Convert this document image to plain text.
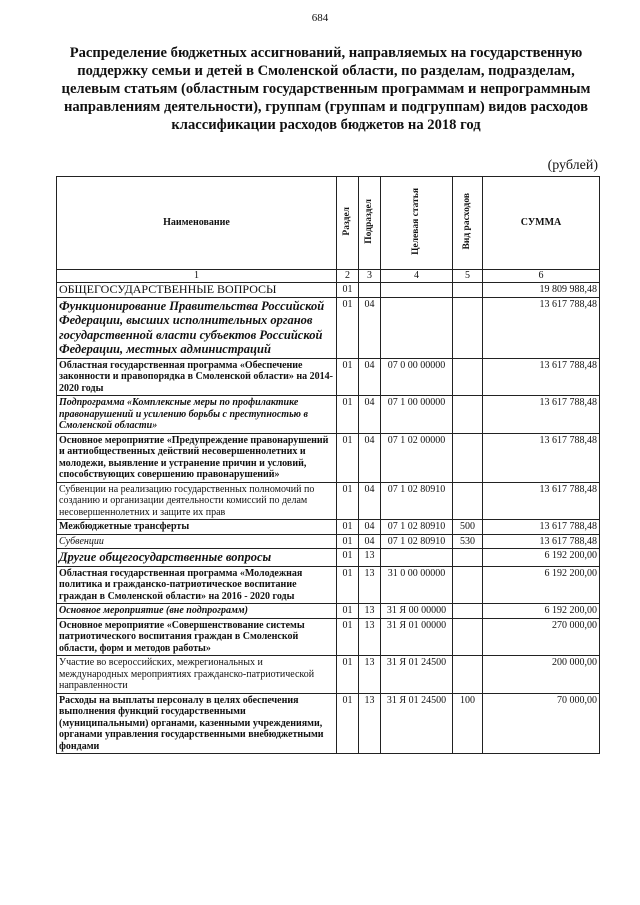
684
Распределение бюджетных ассигнований, направляемых на государственную поддержку семьи и детей в Смоленской области, по разделам, подразделам, целевым статьям (областным государственным программам и непрограммным направлениям деятельности), группам (группам и подгруппам) видов расходов классификации расходов бюджетов на 2018 год
(рублей)
Наименование	Раздел	Подраздел	Целевая статья	Вид расходов	СУММА
1	2	3	4	5	6
ОБЩЕГОСУДАРСТВЕННЫЕ ВОПРОСЫ	01				19 809 988,48
Функционирование Правительства Российской Федерации, высших исполнительных органов государственной власти субъектов Российской Федерации, местных администраций	01	04			13 617 788,48
Областная государственная программа «Обеспечение законности и правопорядка в Смоленской области» на 2014-2020 годы	01	04	07 0 00 00000		13 617 788,48
Подпрограмма «Комплексные меры по профилактике правонарушений и усилению борьбы с преступностью в Смоленской области»	01	04	07 1 00 00000		13 617 788,48
Основное мероприятие «Предупреждение правонарушений и антиобщественных действий несовершеннолетних и молодежи, выявление и устранение причин и условий, способствующих совершению правонарушений»	01	04	07 1 02 00000		13 617 788,48
Субвенции на реализацию государственных полномочий по созданию и организации деятельности комиссий по делам несовершеннолетних и защите их прав	01	04	07 1 02 80910		13 617 788,48
Межбюджетные трансферты	01	04	07 1 02 80910	500	13 617 788,48
Субвенции	01	04	07 1 02 80910	530	13 617 788,48
Другие общегосударственные вопросы	01	13			6 192 200,00
Областная государственная программа «Молодежная политика и гражданско-патриотическое воспитание граждан в Смоленской области» на 2016 - 2020 годы	01	13	31 0 00 00000		6 192 200,00
Основное мероприятие (вне подпрограмм)	01	13	31 Я 00 00000		6 192 200,00
Основное мероприятие «Совершенствование системы патриотического воспитания граждан в Смоленской области, форм и методов работы»	01	13	31 Я 01 00000		270 000,00
Участие во всероссийских, межрегиональных и международных мероприятиях гражданско-патриотической направленности	01	13	31 Я 01 24500		200 000,00
Расходы на выплаты персоналу в целях обеспечения выполнения функций государственными (муниципальными) органами, казенными учреждениями, органами управления государственными внебюджетными фондами	01	13	31 Я 01 24500	100	70 000,00
